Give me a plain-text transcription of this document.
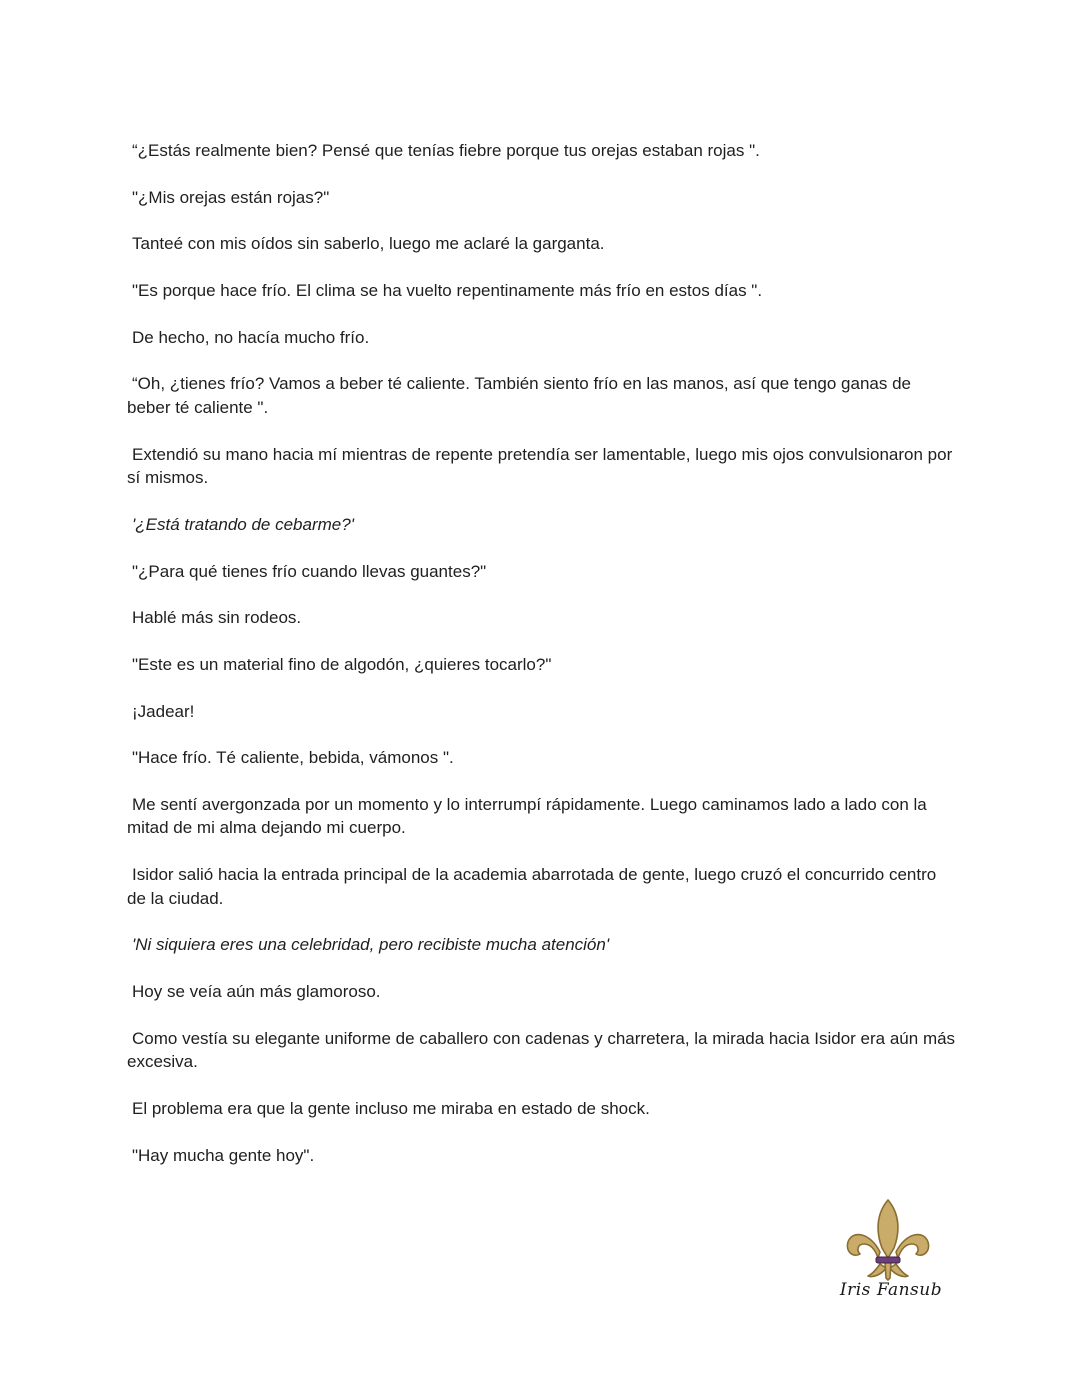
“¿Estás realmente bien? Pensé que tenías fiebre porque tus orejas estaban rojas ".

"¿Mis orejas están rojas?"

Tanteé con mis oídos sin saberlo, luego me aclaré la garganta.

"Es porque hace frío. El clima se ha vuelto repentinamente más frío en estos días ".

De hecho, no hacía mucho frío.

“Oh, ¿tienes frío? Vamos a beber té caliente. También siento frío en las manos, así que tengo ganas de beber té caliente ".

Extendió su mano hacia mí mientras de repente pretendía ser lamentable, luego mis ojos convulsionaron por sí mismos.

'¿Está tratando de cebarme?'

"¿Para qué tienes frío cuando llevas guantes?"

Hablé más sin rodeos.

"Este es un material fino de algodón, ¿quieres tocarlo?"

¡Jadear!

"Hace frío. Té caliente, bebida, vámonos ".

Me sentí avergonzada por un momento y lo interrumpí rápidamente. Luego caminamos lado a lado con la mitad de mi alma dejando mi cuerpo.

Isidor salió hacia la entrada principal de la academia abarrotada de gente, luego cruzó el concurrido centro de la ciudad.

'Ni siquiera eres una celebridad, pero recibiste mucha atención'

Hoy se veía aún más glamoroso.

Como vestía su elegante uniforme de caballero con cadenas y charretera, la mirada hacia Isidor era aún más excesiva.

El problema era que la gente incluso me miraba en estado de shock.

"Hay mucha gente hoy".

Iris Fansub
